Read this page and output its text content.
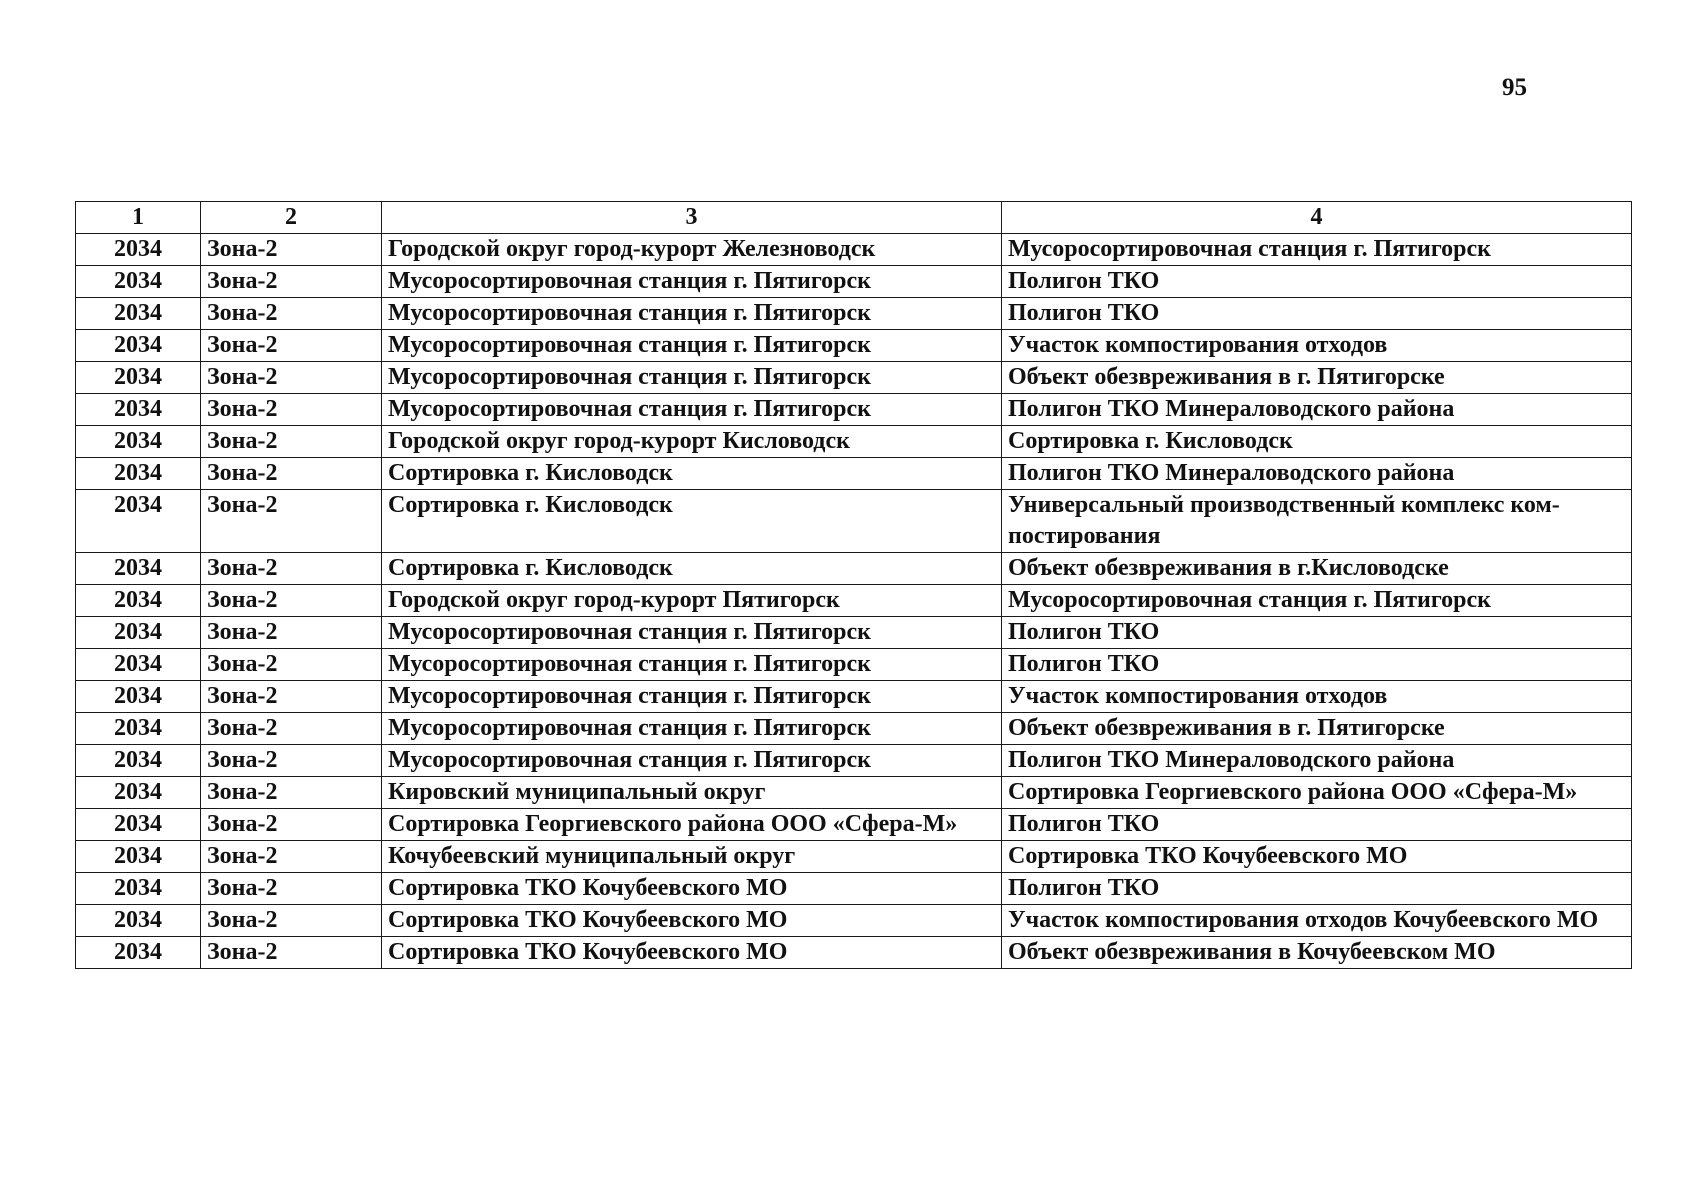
95
1	2	3	4
2034	Зона-2	Городской округ город-курорт Железноводск	Мусоросортировочная станция г. Пятигорск
2034	Зона-2	Мусоросортировочная станция г. Пятигорск	Полигон ТКО
2034	Зона-2	Мусоросортировочная станция г. Пятигорск	Полигон ТКО
2034	Зона-2	Мусоросортировочная станция г. Пятигорск	Участок компостирования отходов
2034	Зона-2	Мусоросортировочная станция г. Пятигорск	Объект обезвреживания в г. Пятигорске
2034	Зона-2	Мусоросортировочная станция г. Пятигорск	Полигон ТКО Минераловодского района
2034	Зона-2	Городской округ город-курорт Кисловодск	Сортировка г. Кисловодск
2034	Зона-2	Сортировка г. Кисловодск	Полигон ТКО Минераловодского района
2034	Зона-2	Сортировка г. Кисловодск	Универсальный производственный комплекс ком-постирования
2034	Зона-2	Сортировка г. Кисловодск	Объект обезвреживания в г.Кисловодске
2034	Зона-2	Городской округ город-курорт Пятигорск	Мусоросортировочная станция г. Пятигорск
2034	Зона-2	Мусоросортировочная станция г. Пятигорск	Полигон ТКО
2034	Зона-2	Мусоросортировочная станция г. Пятигорск	Полигон ТКО
2034	Зона-2	Мусоросортировочная станция г. Пятигорск	Участок компостирования отходов
2034	Зона-2	Мусоросортировочная станция г. Пятигорск	Объект обезвреживания в г. Пятигорске
2034	Зона-2	Мусоросортировочная станция г. Пятигорск	Полигон ТКО Минераловодского района
2034	Зона-2	Кировский муниципальный округ	Сортировка Георгиевского района ООО «Сфера-М»
2034	Зона-2	Сортировка Георгиевского района ООО «Сфера-М»	Полигон ТКО
2034	Зона-2	Кочубеевский муниципальный округ	Сортировка ТКО Кочубеевского МО
2034	Зона-2	Сортировка ТКО Кочубеевского МО	Полигон ТКО
2034	Зона-2	Сортировка ТКО Кочубеевского МО	Участок компостирования отходов Кочубеевского МО
2034	Зона-2	Сортировка ТКО Кочубеевского МО	Объект обезвреживания в Кочубеевском МО
